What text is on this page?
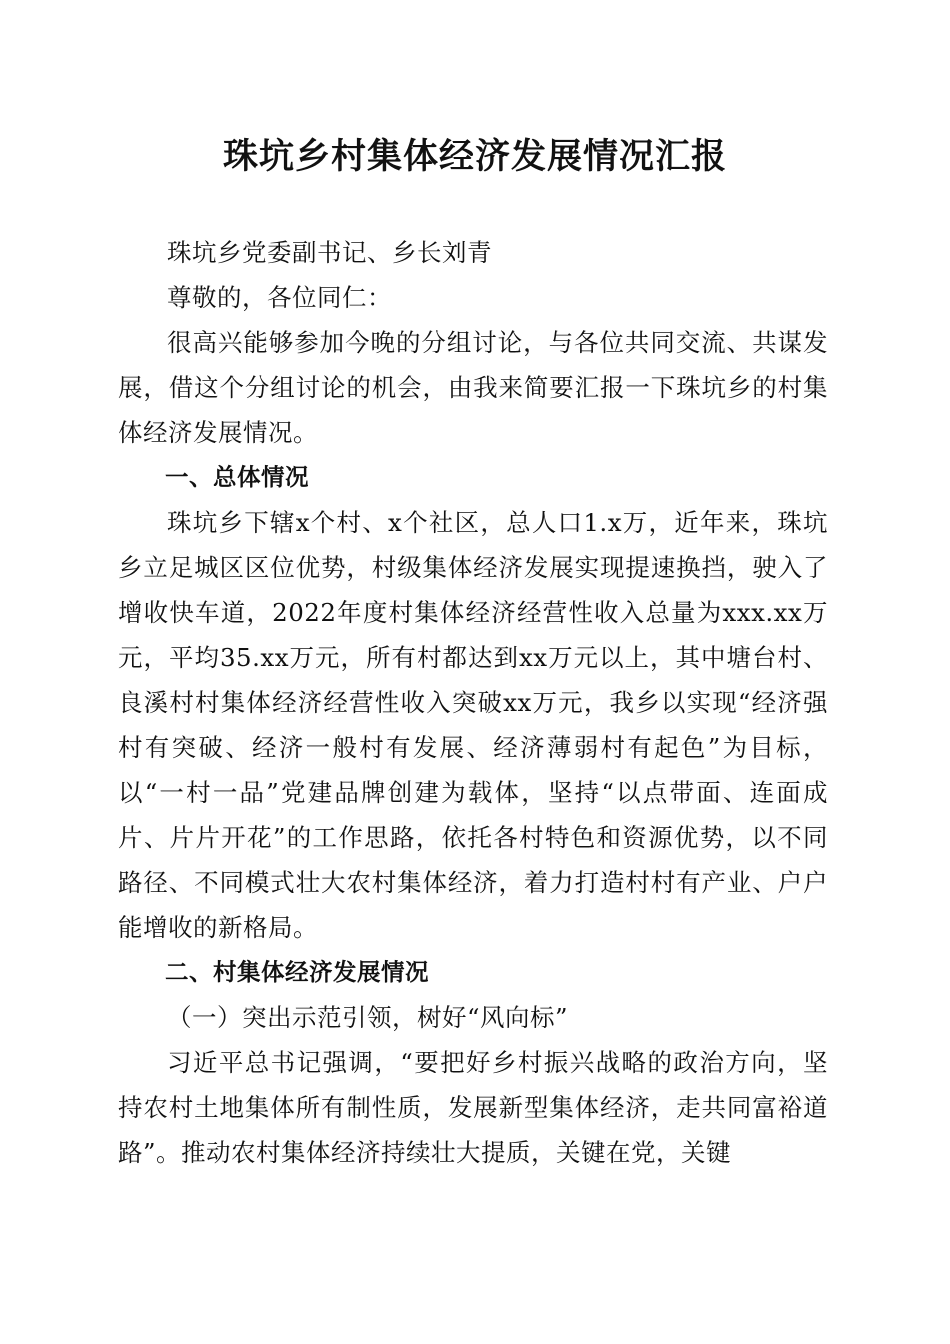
珠坑乡村集体经济发展情况汇报

珠坑乡党委副书记、乡长刘青

尊敬的，各位同仁：

很高兴能够参加今晚的分组讨论，与各位共同交流、共谋发展，借这个分组讨论的机会，由我来简要汇报一下珠坑乡的村集体经济发展情况。

一、总体情况

珠坑乡下辖x个村、x个社区，总人口1.x万，近年来，珠坑乡立足城区区位优势，村级集体经济发展实现提速换挡，驶入了增收快车道，2022年度村集体经济经营性收入总量为xxx.xx万元，平均35.xx万元，所有村都达到xx万元以上，其中塘台村、良溪村村集体经济经营性收入突破xx万元，我乡以实现“经济强村有突破、经济一般村有发展、经济薄弱村有起色”为目标，以“一村一品”党建品牌创建为载体，坚持“以点带面、连面成片、片片开花”的工作思路，依托各村特色和资源优势，以不同路径、不同模式壮大农村集体经济，着力打造村村有产业、户户能增收的新格局。

二、村集体经济发展情况

（一）突出示范引领，树好“风向标”

习近平总书记强调，“要把好乡村振兴战略的政治方向，坚持农村土地集体所有制性质，发展新型集体经济，走共同富裕道路”。推动农村集体经济持续壮大提质，关键在党，关键
